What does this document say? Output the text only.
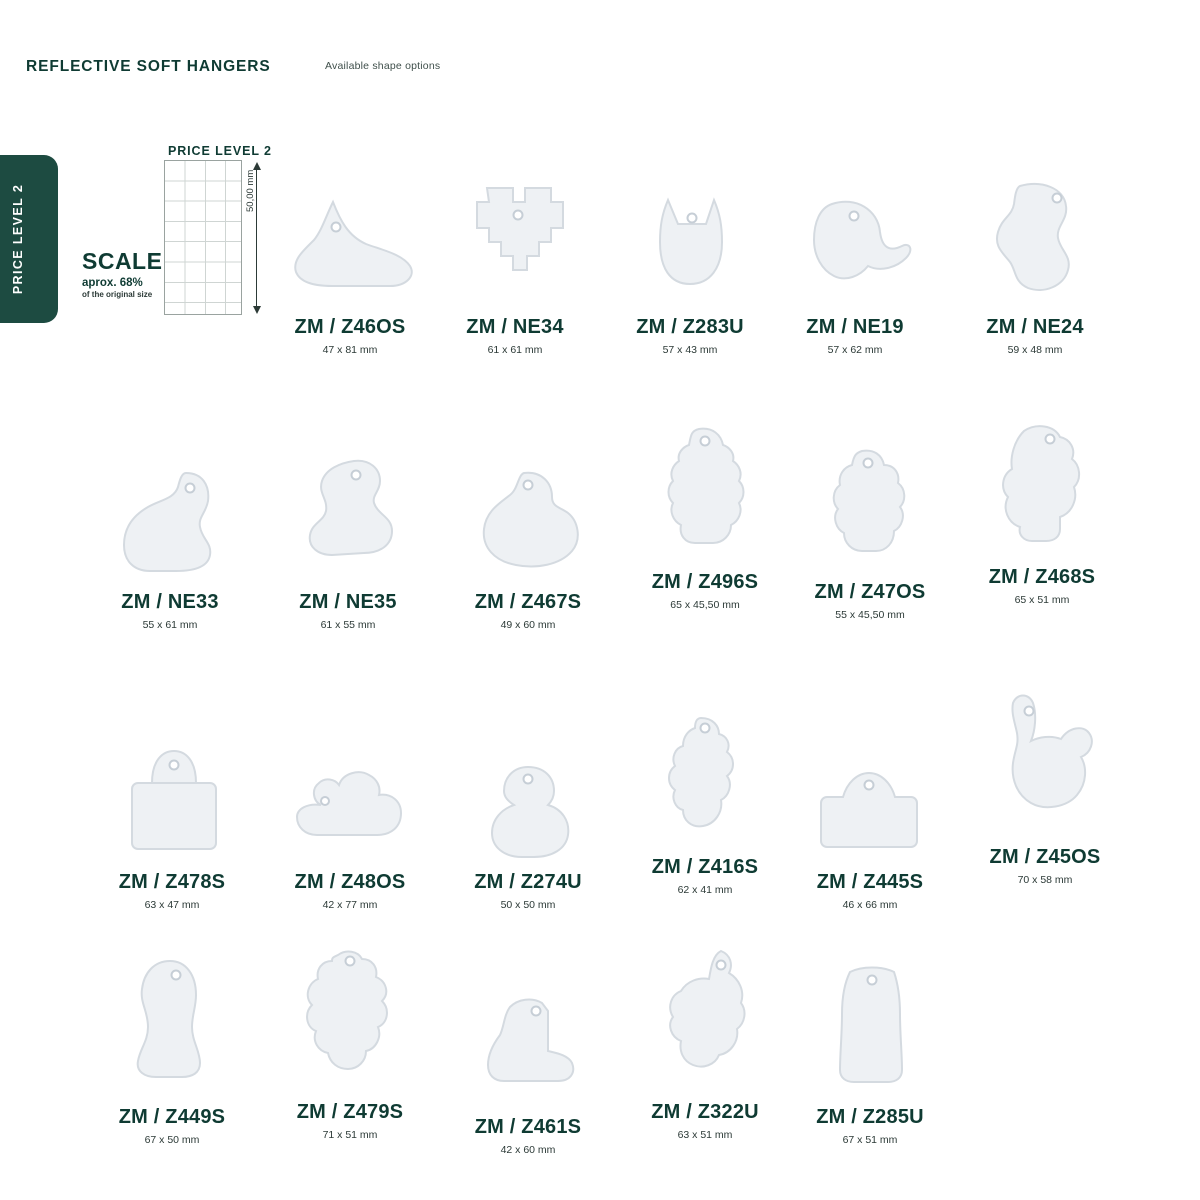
REFLECTIVE SOFT HANGERS	Available shape options
PRICE LEVEL 2
PRICE LEVEL 2
50,00 mm
SCALE
aprox. 68%
of the original size
ZM / Z46OS
47 x 81 mm
ZM / NE34
61 x 61 mm
ZM / Z283U
57 x 43 mm
ZM / NE19
57 x 62 mm
ZM / NE24
59 x 48 mm
ZM / NE33
55 x 61 mm
ZM / NE35
61 x 55 mm
ZM / Z467S
49 x 60 mm
ZM / Z496S
65 x 45,50 mm
ZM / Z47OS
55 x 45,50 mm
ZM / Z468S
65 x 51 mm
ZM / Z478S
63 x 47 mm
ZM / Z48OS
42 x 77 mm
ZM / Z274U
50 x 50 mm
ZM / Z416S
62 x 41 mm	ZM / Z445S
46 x 66 mm
ZM / Z45OS
70 x 58 mm
ZM / Z449S
67 x 50 mm
ZM / Z479S
71 x 51 mm	ZM / Z461S
42 x 60 mm
ZM / Z322U
63 x 51 mm
ZM / Z285U
67 x 51 mm
